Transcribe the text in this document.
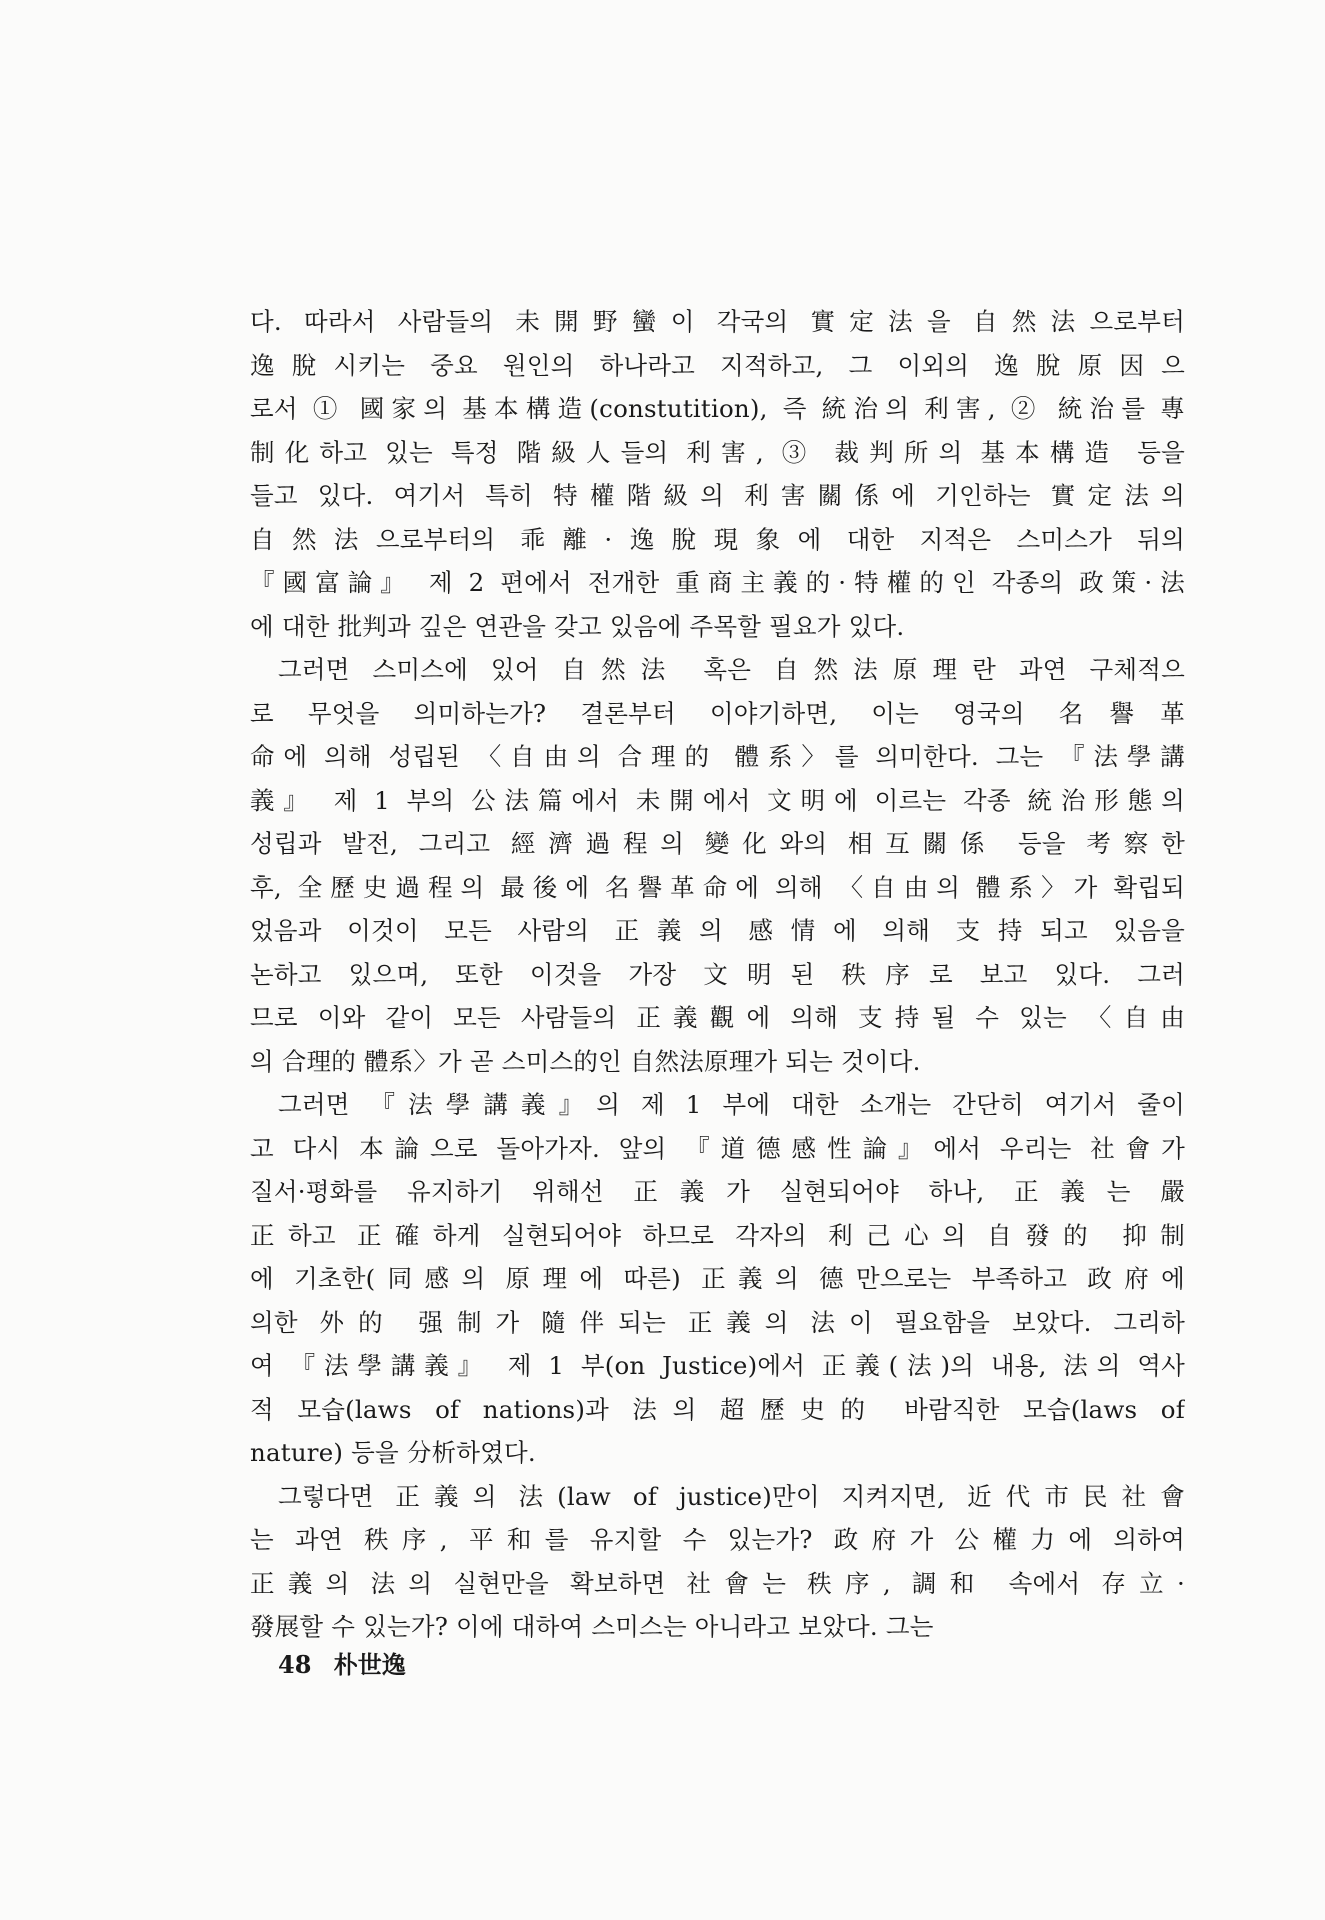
다. 따라서 사람들의 未開野蠻이 각국의 實定法을 自然法으로부터
逸脫시키는 중요 원인의 하나라고 지적하고, 그 이외의 逸脫原因으
로서 ① 國家의 基本構造(constutition), 즉 統治의 利害, ② 統治를 專
制化하고 있는 특정 階級人들의 利害, ③ 裁判所의 基本構造 등을
들고 있다. 여기서 특히 特權階級의 利害關係에 기인하는 實定法의
自然法으로부터의 乖離·逸脫現象에 대한 지적은 스미스가 뒤의
『國富論』 제 2 편에서 전개한 重商主義的·特權的인 각종의 政策·法
에 대한 批判과 깊은 연관을 갖고 있음에 주목할 필요가 있다.
그러면 스미스에 있어 自然法 혹은 自然法原理란 과연 구체적으
로 무엇을 의미하는가? 결론부터 이야기하면, 이는 영국의 名譽革
命에 의해 성립된 〈自由의 合理的 體系〉를 의미한다. 그는 『法學講
義』 제 1 부의 公法篇에서 未開에서 文明에 이르는 각종 統治形態의
성립과 발전, 그리고 經濟過程의 變化와의 相互關係 등을 考察한
후, 全歷史過程의 最後에 名譽革命에 의해 〈自由의 體系〉가 확립되
었음과 이것이 모든 사람의 正義의 感情에 의해 支持되고 있음을
논하고 있으며, 또한 이것을 가장 文明된 秩序로 보고 있다. 그러
므로 이와 같이 모든 사람들의 正義觀에 의해 支持될 수 있는 〈自由
의 合理的 體系〉가 곧 스미스的인 自然法原理가 되는 것이다.
그러면 『法學講義』의 제 1 부에 대한 소개는 간단히 여기서 줄이
고 다시 本論으로 돌아가자. 앞의 『道德感性論』에서 우리는 社會가
질서·평화를 유지하기 위해선 正義가 실현되어야 하나, 正義는 嚴
正하고 正確하게 실현되어야 하므로 각자의 利己心의 自發的 抑制
에 기초한(同感의 原理에 따른) 正義의 德만으로는 부족하고 政府에
의한 外的 强制가 隨伴되는 正義의 法이 필요함을 보았다. 그리하
여 『法學講義』 제 1 부(on Justice)에서 正義(法)의 내용, 法의 역사
적 모습(laws of nations)과 法의 超歷史的 바람직한 모습(laws of
nature) 등을 分析하였다.
그렇다면 正義의 法(law of justice)만이 지켜지면, 近代市民社會
는 과연 秩序, 平和를 유지할 수 있는가? 政府가 公權力에 의하여
正義의 法의 실현만을 확보하면 社會는 秩序, 調和 속에서 存立·
發展할 수 있는가? 이에 대하여 스미스는 아니라고 보았다. 그는
48 朴世逸
